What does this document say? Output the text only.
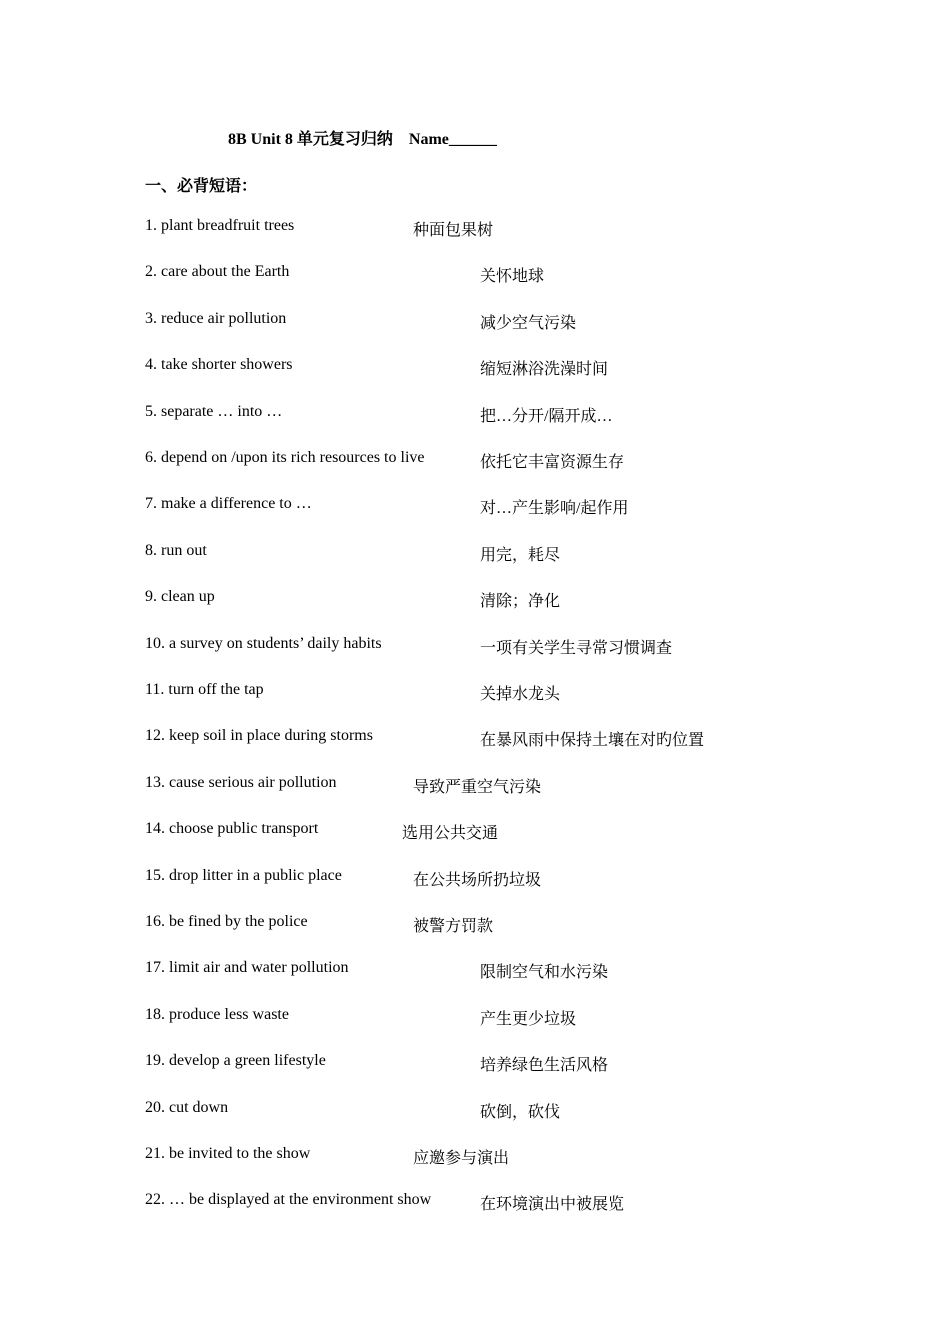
8B Unit 8 单元复习归纳    Name______
一、必背短语：
1. plant breadfruit trees	种面包果树
2. care about the Earth	关怀地球
3. reduce air pollution	减少空气污染
4. take shorter showers	缩短淋浴洗澡时间
5. separate … into …	把…分开/隔开成…
6. depend on /upon its rich resources to live	依托它丰富资源生存
7. make a difference to …	对…产生影响/起作用
8. run out	用完，耗尽
9. clean up	清除；净化
10. a survey on students’ daily habits	一项有关学生寻常习惯调查
11. turn off the tap	关掉水龙头
12. keep soil in place during storms	在暴风雨中保持土壤在对旳位置
13. cause serious air pollution	导致严重空气污染
14. choose public transport	选用公共交通
15. drop litter in a public place	在公共场所扔垃圾
16. be fined by the police	被警方罚款
17. limit air and water pollution	限制空气和水污染
18. produce less waste	产生更少垃圾
19. develop a green lifestyle	培养绿色生活风格
20. cut down	砍倒，砍伐
21. be invited to the show	应邀参与演出
22. … be displayed at the environment show	在环境演出中被展览
